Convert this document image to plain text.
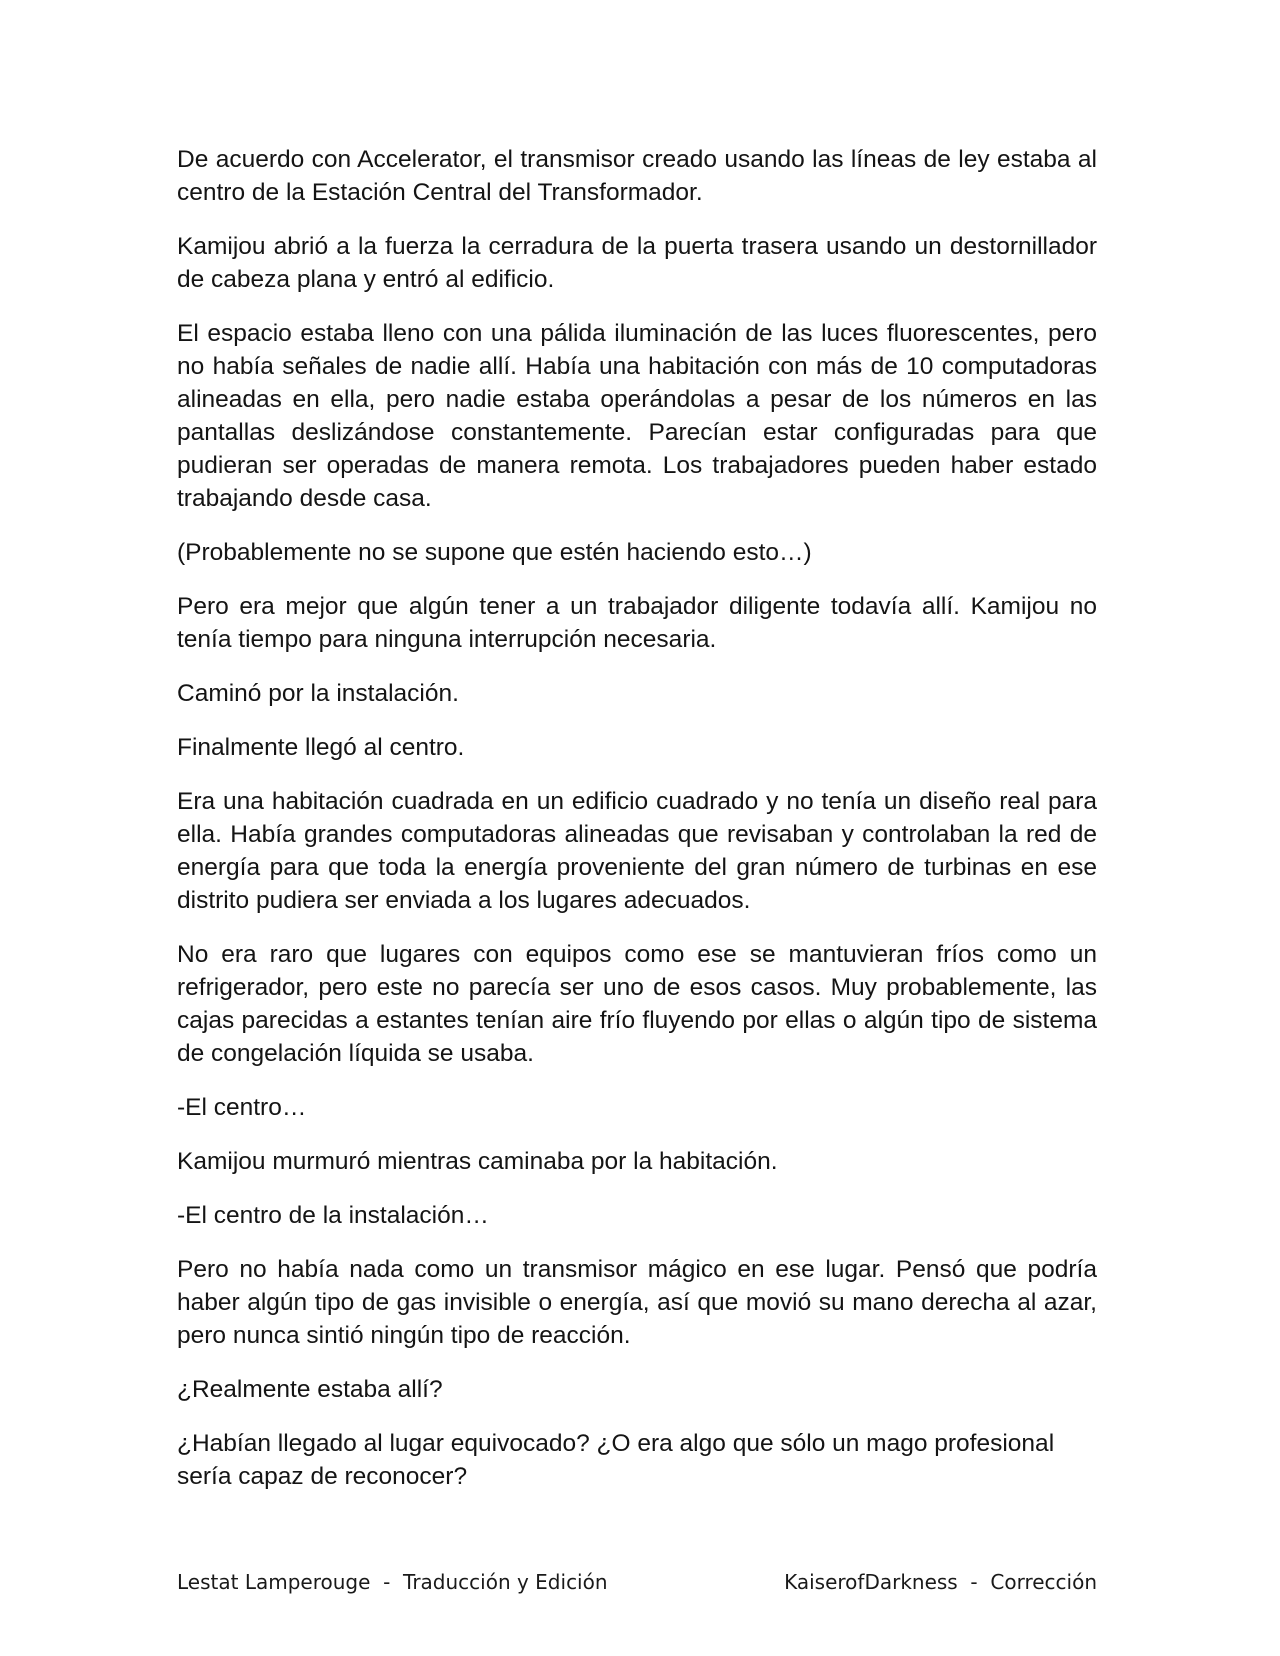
De acuerdo con Accelerator, el transmisor creado usando las líneas de ley estaba al centro de la Estación Central del Transformador.

Kamijou abrió a la fuerza la cerradura de la puerta trasera usando un destornillador de cabeza plana y entró al edificio.

El espacio estaba lleno con una pálida iluminación de las luces fluorescentes, pero no había señales de nadie allí. Había una habitación con más de 10 computadoras alineadas en ella, pero nadie estaba operándolas a pesar de los números en las pantallas deslizándose constantemente. Parecían estar configuradas para que pudieran ser operadas de manera remota. Los trabajadores pueden haber estado trabajando desde casa.

(Probablemente no se supone que estén haciendo esto…)

Pero era mejor que algún tener a un trabajador diligente todavía allí. Kamijou no tenía tiempo para ninguna interrupción necesaria.

Caminó por la instalación.

Finalmente llegó al centro.

Era una habitación cuadrada en un edificio cuadrado y no tenía un diseño real para ella. Había grandes computadoras alineadas que revisaban y controlaban la red de energía para que toda la energía proveniente del gran número de turbinas en ese distrito pudiera ser enviada a los lugares adecuados.

No era raro que lugares con equipos como ese se mantuvieran fríos como un refrigerador, pero este no parecía ser uno de esos casos. Muy probablemente, las cajas parecidas a estantes tenían aire frío fluyendo por ellas o algún tipo de sistema de congelación líquida se usaba.

-El centro…

Kamijou murmuró mientras caminaba por la habitación.

-El centro de la instalación…

Pero no había nada como un transmisor mágico en ese lugar. Pensó que podría haber algún tipo de gas invisible o energía, así que movió su mano derecha al azar, pero nunca sintió ningún tipo de reacción.

¿Realmente estaba allí?

¿Habían llegado al lugar equivocado? ¿O era algo que sólo un mago profesional sería capaz de reconocer?

Lestat Lamperouge  -  Traducción y Edición	KaiserofDarkness  -  Corrección
